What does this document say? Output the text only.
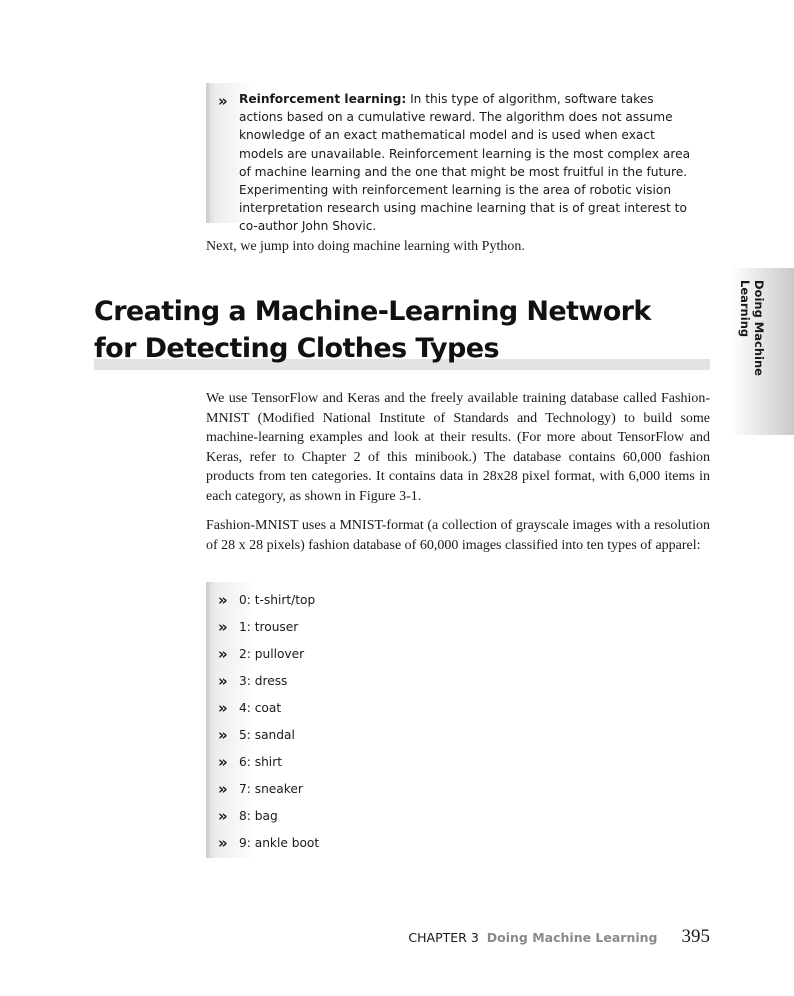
» Reinforcement learning: In this type of algorithm, software takes actions based on a cumulative reward. The algorithm does not assume knowledge of an exact mathematical model and is used when exact models are unavailable. Reinforcement learning is the most complex area of machine learning and the one that might be most fruitful in the future. Experimenting with reinforcement learning is the area of robotic vision interpretation research using machine learning that is of great interest to co-author John Shovic.
Next, we jump into doing machine learning with Python.
Doing Machine Learning
Creating a Machine-Learning Network for Detecting Clothes Types
We use TensorFlow and Keras and the freely available training database called Fashion-MNIST (Modified National Institute of Standards and Technology) to build some machine-learning examples and look at their results. (For more about TensorFlow and Keras, refer to Chapter 2 of this minibook.) The database contains 60,000 fashion products from ten categories. It contains data in 28x28 pixel format, with 6,000 items in each category, as shown in Figure 3-1.
Fashion-MNIST uses a MNIST-format (a collection of grayscale images with a resolution of 28 x 28 pixels) fashion database of 60,000 images classified into ten types of apparel:
» 0: t-shirt/top
» 1: trouser
» 2: pullover
» 3: dress
» 4: coat
» 5: sandal
» 6: shirt
» 7: sneaker
» 8: bag
» 9: ankle boot
CHAPTER 3 Doing Machine Learning 395
